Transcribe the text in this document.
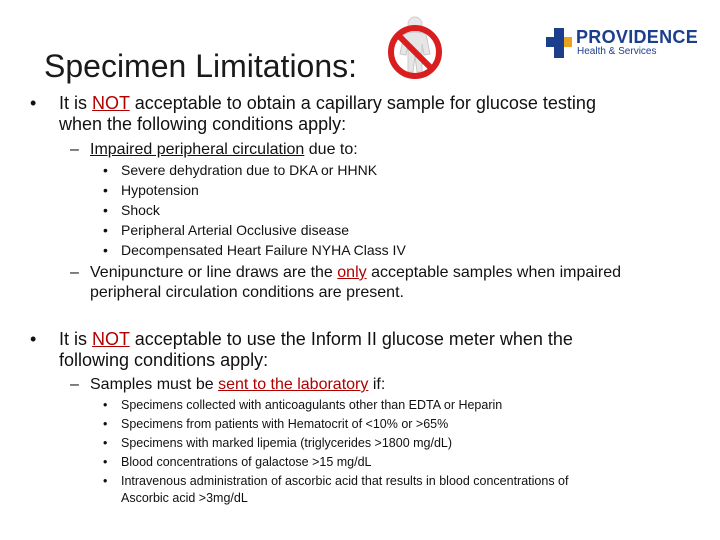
Specimen Limitations:
PROVIDENCE
Health & Services
• It is NOT acceptable to obtain a capillary sample for glucose testing
when the following conditions apply:
– Impaired peripheral circulation due to:
• Severe dehydration due to DKA or HHNK
• Hypotension
• Shock
• Peripheral Arterial Occlusive disease
• Decompensated Heart Failure NYHA Class IV
– Venipuncture or line draws are the only acceptable samples when impaired
peripheral circulation conditions are present.
• It is NOT acceptable to use the Inform II glucose meter when the
following conditions apply:
– Samples must be sent to the laboratory if:
• Specimens collected with anticoagulants other than EDTA or Heparin
• Specimens from patients with Hematocrit of <10% or >65%
• Specimens with marked lipemia (triglycerides >1800 mg/dL)
• Blood concentrations of galactose >15 mg/dL
• Intravenous administration of ascorbic acid that results in blood concentrations of
Ascorbic acid >3mg/dL
